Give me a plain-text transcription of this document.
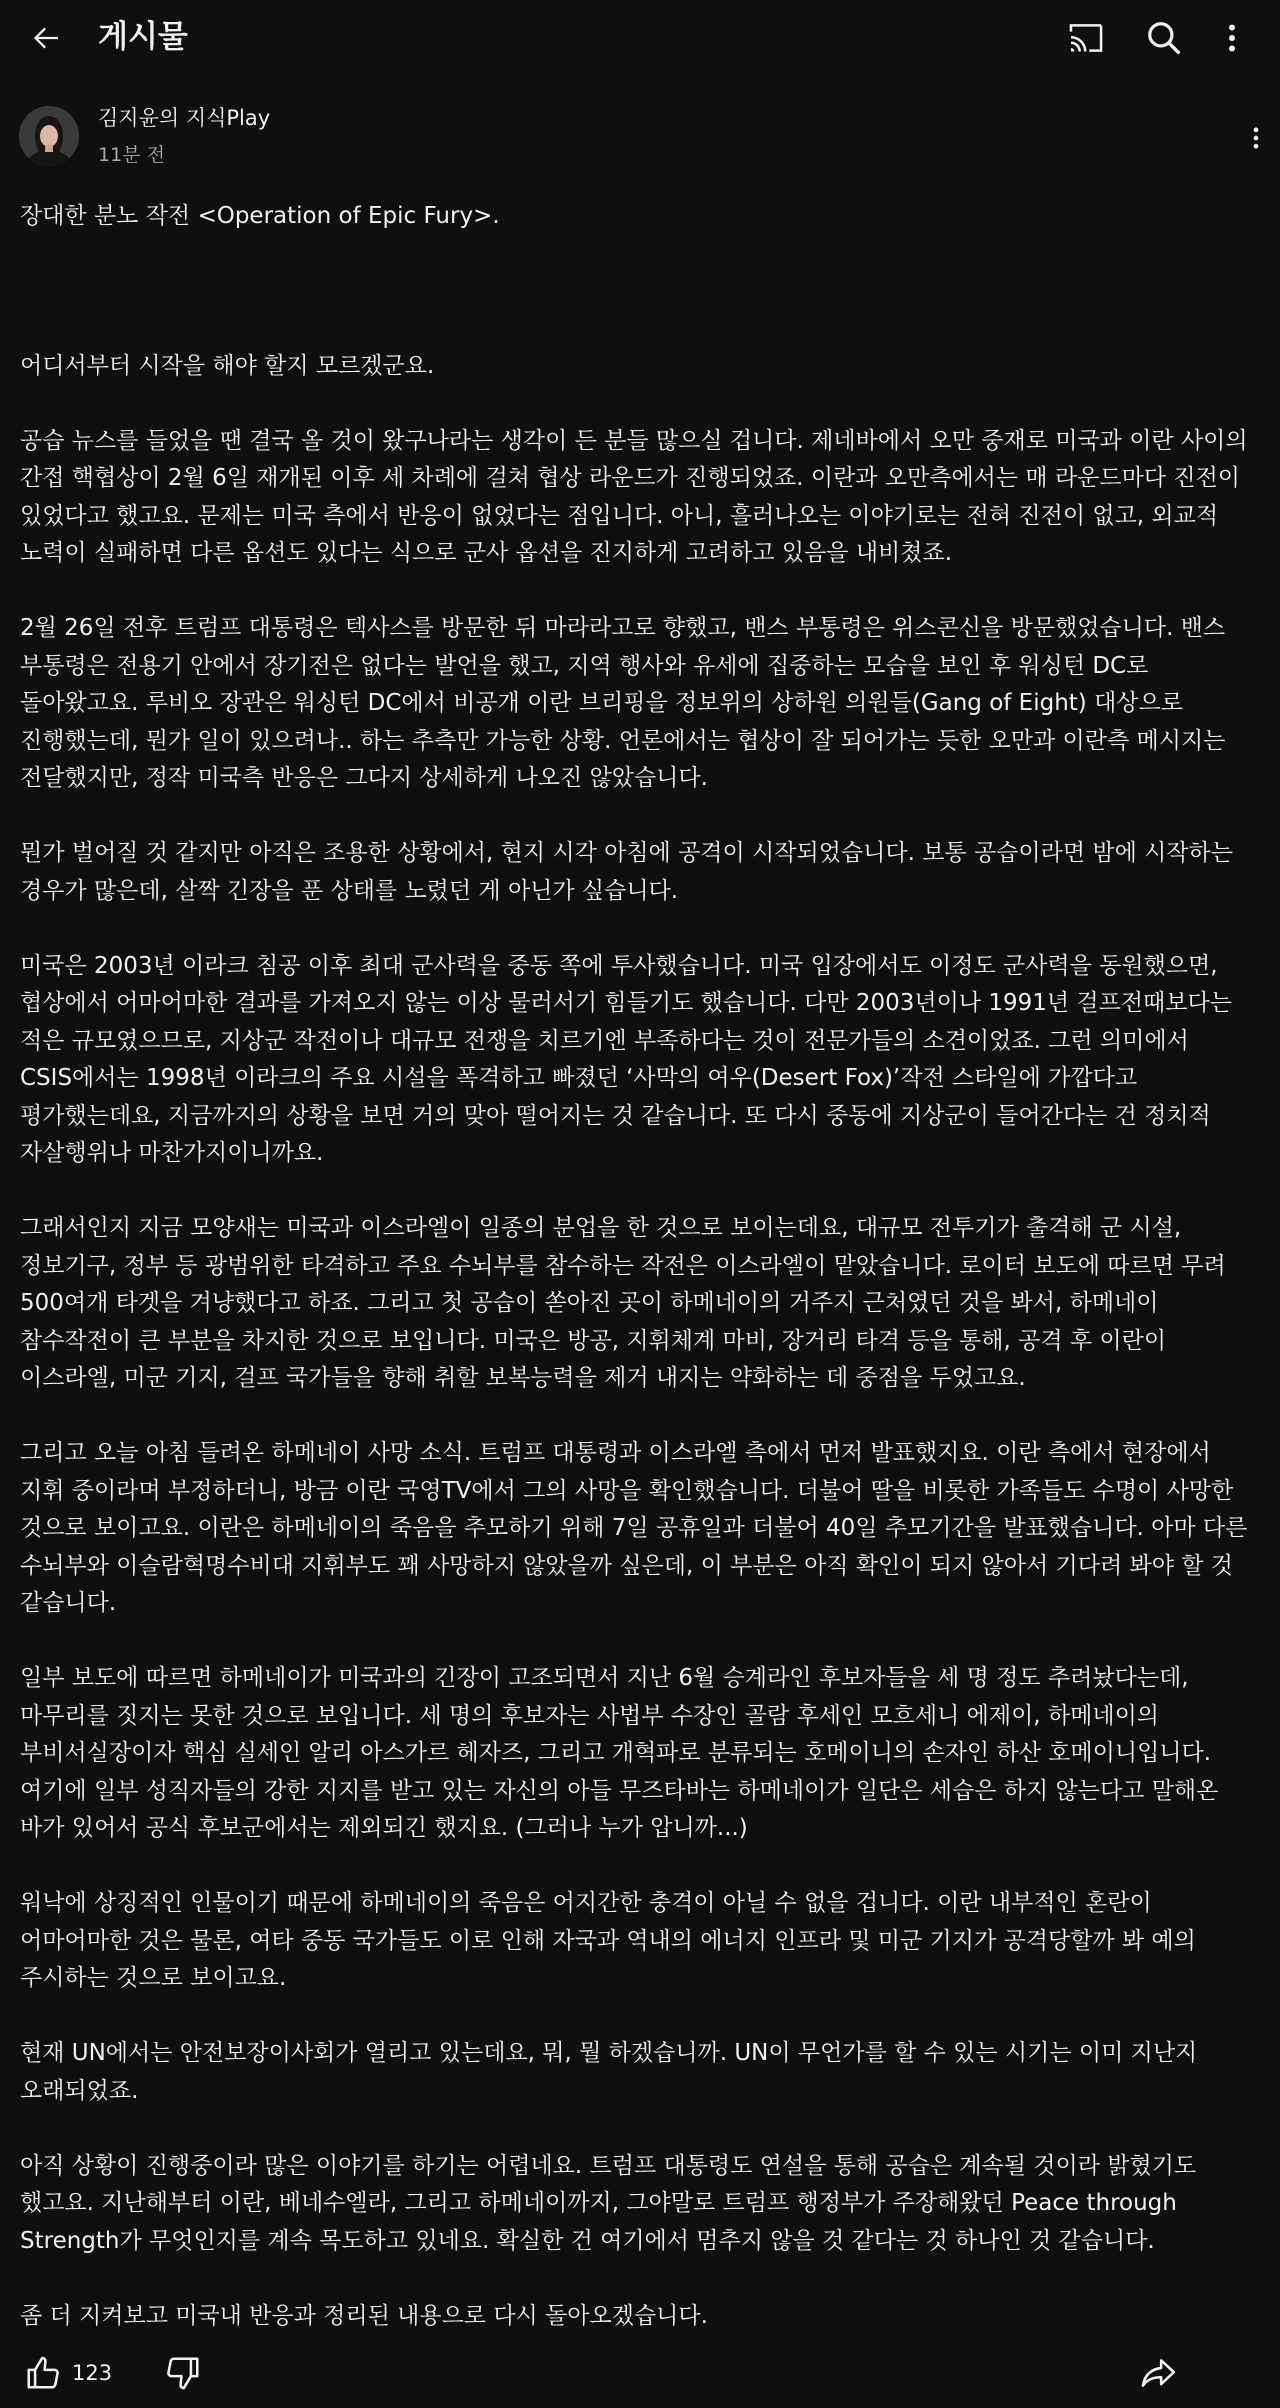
게시물
김지윤의 지식Play
11분 전

장대한 분노 작전 <Operation of Epic Fury>.

어디서부터 시작을 해야 할지 모르겠군요.

공습 뉴스를 들었을 땐 결국 올 것이 왔구나라는 생각이 든 분들 많으실 겁니다. 제네바에서 오만 중재로 미국과 이란 사이의 간접 핵협상이 2월 6일 재개된 이후 세 차례에 걸쳐 협상 라운드가 진행되었죠. 이란과 오만측에서는 매 라운드마다 진전이 있었다고 했고요. 문제는 미국 측에서 반응이 없었다는 점입니다. 아니, 흘러나오는 이야기로는 전혀 진전이 없고, 외교적 노력이 실패하면 다른 옵션도 있다는 식으로 군사 옵션을 진지하게 고려하고 있음을 내비쳤죠.

2월 26일 전후 트럼프 대통령은 텍사스를 방문한 뒤 마라라고로 향했고, 밴스 부통령은 위스콘신을 방문했었습니다. 밴스 부통령은 전용기 안에서 장기전은 없다는 발언을 했고, 지역 행사와 유세에 집중하는 모습을 보인 후 워싱턴 DC로 돌아왔고요. 루비오 장관은 워싱턴 DC에서 비공개 이란 브리핑을 정보위의 상하원 의원들(Gang of Eight) 대상으로 진행했는데, 뭔가 일이 있으려나.. 하는 추측만 가능한 상황. 언론에서는 협상이 잘 되어가는 듯한 오만과 이란측 메시지는 전달했지만, 정작 미국측 반응은 그다지 상세하게 나오진 않았습니다.

뭔가 벌어질 것 같지만 아직은 조용한 상황에서, 현지 시각 아침에 공격이 시작되었습니다. 보통 공습이라면 밤에 시작하는 경우가 많은데, 살짝 긴장을 푼 상태를 노렸던 게 아닌가 싶습니다.

미국은 2003년 이라크 침공 이후 최대 군사력을 중동 쪽에 투사했습니다. 미국 입장에서도 이정도 군사력을 동원했으면, 협상에서 어마어마한 결과를 가져오지 않는 이상 물러서기 힘들기도 했습니다. 다만 2003년이나 1991년 걸프전때보다는 적은 규모였으므로, 지상군 작전이나 대규모 전쟁을 치르기엔 부족하다는 것이 전문가들의 소견이었죠. 그런 의미에서 CSIS에서는 1998년 이라크의 주요 시설을 폭격하고 빠졌던 ‘사막의 여우(Desert Fox)’작전 스타일에 가깝다고 평가했는데요, 지금까지의 상황을 보면 거의 맞아 떨어지는 것 같습니다. 또 다시 중동에 지상군이 들어간다는 건 정치적 자살행위나 마찬가지이니까요.

그래서인지 지금 모양새는 미국과 이스라엘이 일종의 분업을 한 것으로 보이는데요, 대규모 전투기가 출격해 군 시설, 정보기구, 정부 등 광범위한 타격하고 주요 수뇌부를 참수하는 작전은 이스라엘이 맡았습니다. 로이터 보도에 따르면 무려 500여개 타겟을 겨냥했다고 하죠. 그리고 첫 공습이 쏟아진 곳이 하메네이의 거주지 근처였던 것을 봐서, 하메네이 참수작전이 큰 부분을 차지한 것으로 보입니다. 미국은 방공, 지휘체계 마비, 장거리 타격 등을 통해, 공격 후 이란이 이스라엘, 미군 기지, 걸프 국가들을 향해 취할 보복능력을 제거 내지는 약화하는 데 중점을 두었고요.

그리고 오늘 아침 들려온 하메네이 사망 소식. 트럼프 대통령과 이스라엘 측에서 먼저 발표했지요. 이란 측에서 현장에서 지휘 중이라며 부정하더니, 방금 이란 국영TV에서 그의 사망을 확인했습니다. 더불어 딸을 비롯한 가족들도 수명이 사망한 것으로 보이고요. 이란은 하메네이의 죽음을 추모하기 위해 7일 공휴일과 더불어 40일 추모기간을 발표했습니다. 아마 다른 수뇌부와 이슬람혁명수비대 지휘부도 꽤 사망하지 않았을까 싶은데, 이 부분은 아직 확인이 되지 않아서 기다려 봐야 할 것 같습니다.

일부 보도에 따르면 하메네이가 미국과의 긴장이 고조되면서 지난 6월 승계라인 후보자들을 세 명 정도 추려놨다는데, 마무리를 짓지는 못한 것으로 보입니다. 세 명의 후보자는 사법부 수장인 골람 후세인 모흐세니 에제이, 하메네이의 부비서실장이자 핵심 실세인 알리 아스가르 헤자즈, 그리고 개혁파로 분류되는 호메이니의 손자인 하산 호메이니입니다. 여기에 일부 성직자들의 강한 지지를 받고 있는 자신의 아들 무즈타바는 하메네이가 일단은 세습은 하지 않는다고 말해온 바가 있어서 공식 후보군에서는 제외되긴 했지요. (그러나 누가 압니까...)

워낙에 상징적인 인물이기 때문에 하메네이의 죽음은 어지간한 충격이 아닐 수 없을 겁니다. 이란 내부적인 혼란이 어마어마한 것은 물론, 여타 중동 국가들도 이로 인해 자국과 역내의 에너지 인프라 및 미군 기지가 공격당할까 봐 예의 주시하는 것으로 보이고요.

현재 UN에서는 안전보장이사회가 열리고 있는데요, 뭐, 뭘 하겠습니까. UN이 무언가를 할 수 있는 시기는 이미 지난지 오래되었죠.

아직 상황이 진행중이라 많은 이야기를 하기는 어렵네요. 트럼프 대통령도 연설을 통해 공습은 계속될 것이라 밝혔기도 했고요. 지난해부터 이란, 베네수엘라, 그리고 하메네이까지, 그야말로 트럼프 행정부가 주장해왔던 Peace through Strength가 무엇인지를 계속 목도하고 있네요. 확실한 건 여기에서 멈추지 않을 것 같다는 것 하나인 것 같습니다.

좀 더 지켜보고 미국내 반응과 정리된 내용으로 다시 돌아오겠습니다.

123
